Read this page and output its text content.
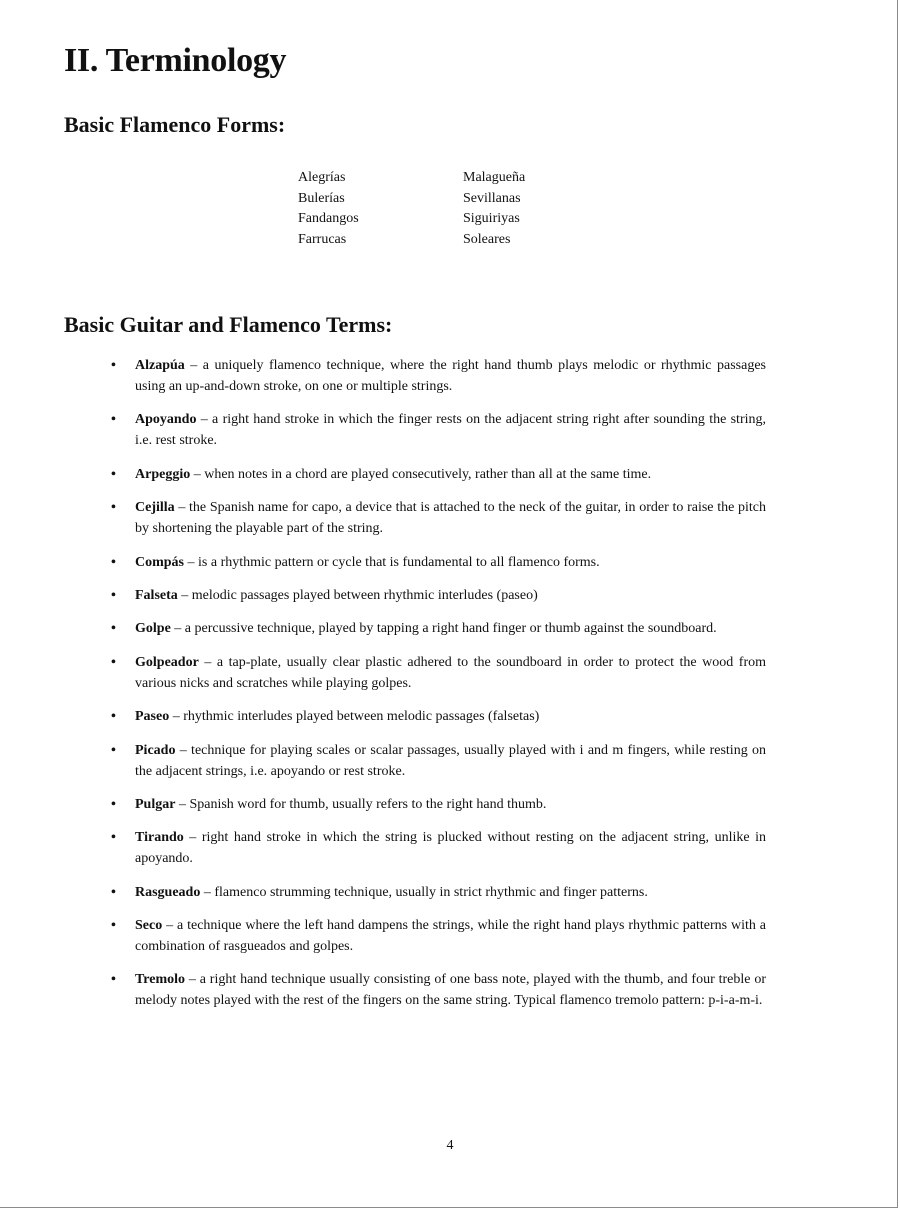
II. Terminology
Basic Flamenco Forms:
Alegrías	Malagueña
Bulerías	Sevillanas
Fandangos	Siguiriyas
Farrucas	Soleares
Basic Guitar and Flamenco Terms:
• Alzapúa – a uniquely flamenco technique, where the right hand thumb plays melodic or rhythmic passages using an up-and-down stroke, on one or multiple strings.
• Apoyando – a right hand stroke in which the finger rests on the adjacent string right after sounding the string, i.e. rest stroke.
• Arpeggio – when notes in a chord are played consecutively, rather than all at the same time.
• Cejilla – the Spanish name for capo, a device that is attached to the neck of the guitar, in order to raise the pitch by shortening the playable part of the string.
• Compás – is a rhythmic pattern or cycle that is fundamental to all flamenco forms.
• Falseta – melodic passages played between rhythmic interludes (paseo)
• Golpe – a percussive technique, played by tapping a right hand finger or thumb against the soundboard.
• Golpeador – a tap-plate, usually clear plastic adhered to the soundboard in order to protect the wood from various nicks and scratches while playing golpes.
• Paseo – rhythmic interludes played between melodic passages (falsetas)
• Picado – technique for playing scales or scalar passages, usually played with i and m fingers, while resting on the adjacent strings, i.e. apoyando or rest stroke.
• Pulgar – Spanish word for thumb, usually refers to the right hand thumb.
• Tirando – right hand stroke in which the string is plucked without resting on the adjacent string, unlike in apoyando.
• Rasgueado – flamenco strumming technique, usually in strict rhythmic and finger patterns.
• Seco – a technique where the left hand dampens the strings, while the right hand plays rhythmic patterns with a combination of rasgueados and golpes.
• Tremolo – a right hand technique usually consisting of one bass note, played with the thumb, and four treble or melody notes played with the rest of the fingers on the same string. Typical flamenco tremolo pattern: p-i-a-m-i.
4
